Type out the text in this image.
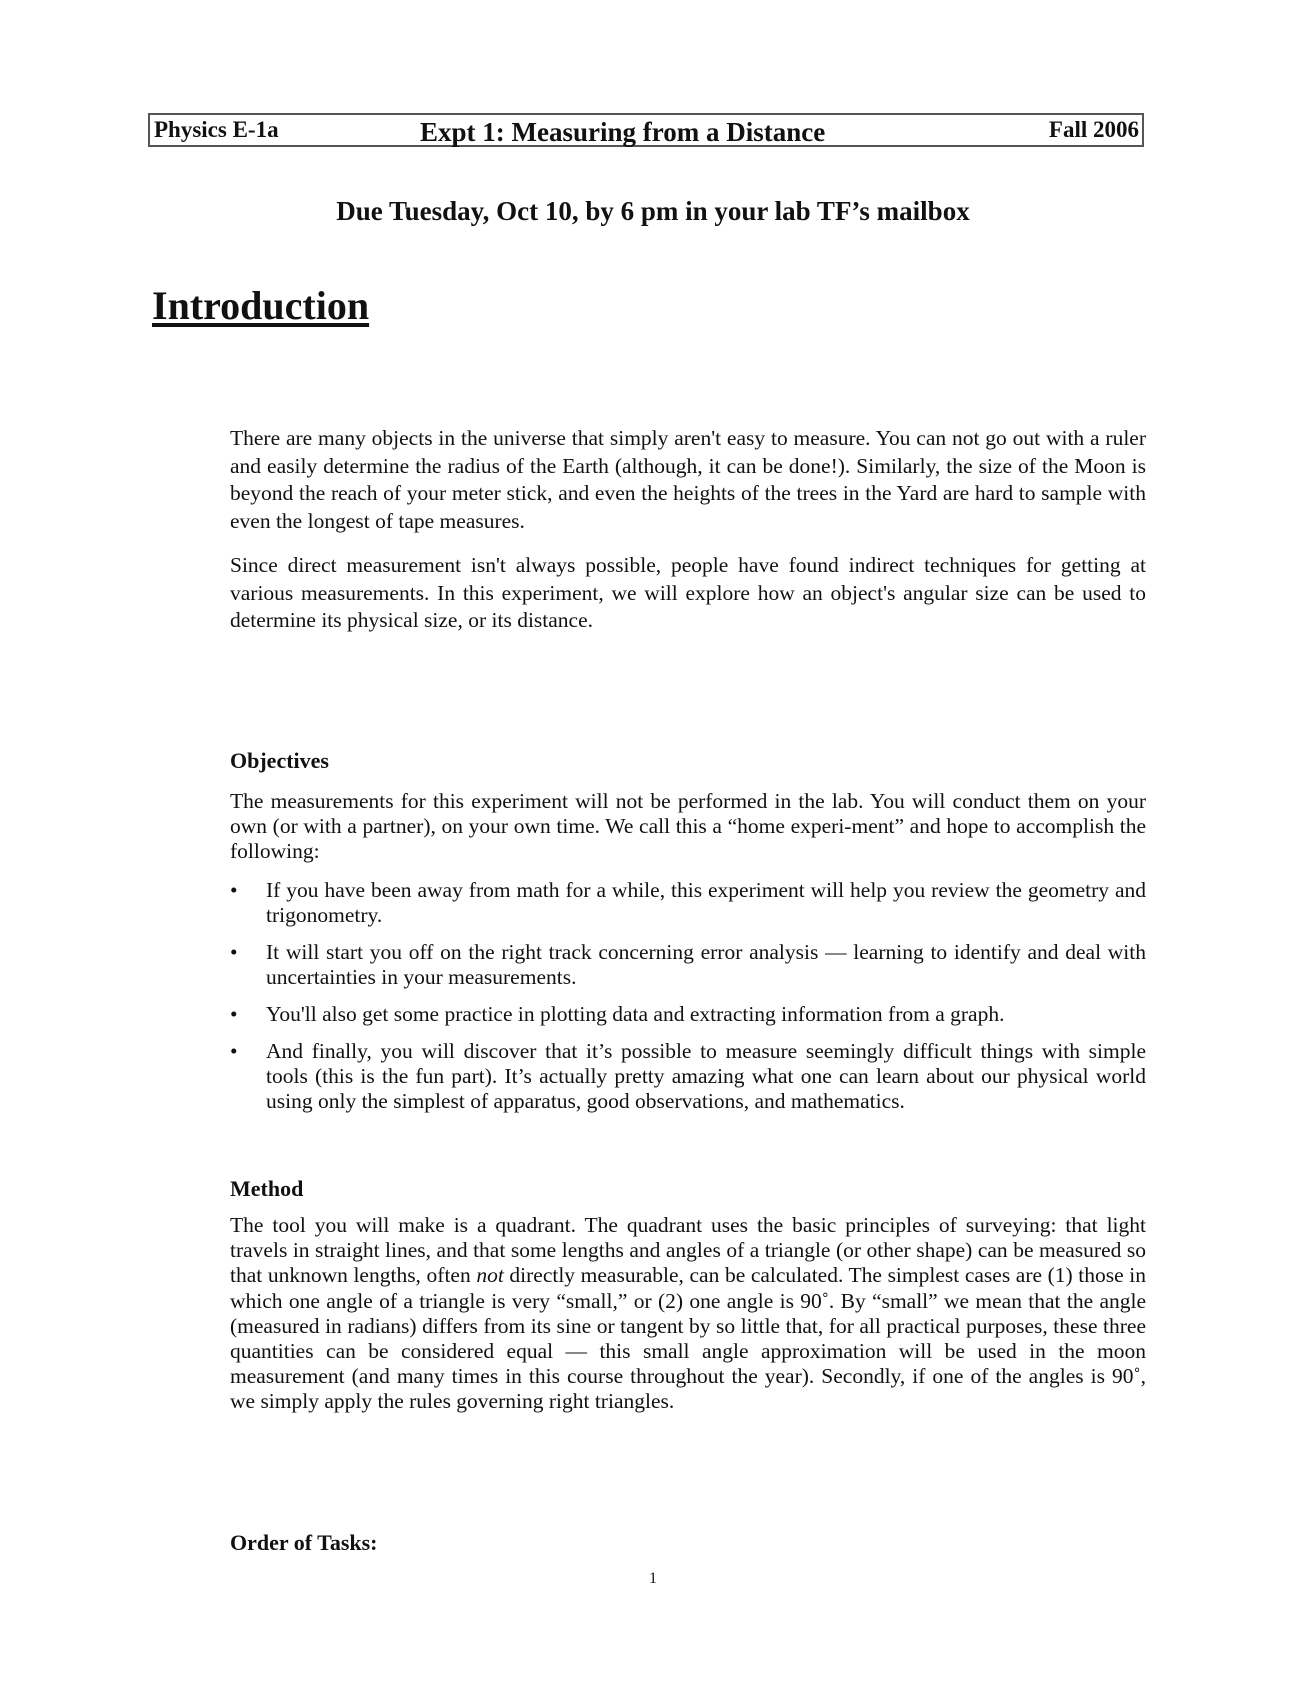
Physics E-1a	Expt 1: Measuring from a Distance	Fall 2006
Due Tuesday, Oct 10, by 6 pm in your lab TF’s mailbox
Introduction

There are many objects in the universe that simply aren't easy to measure. You can not go out with a ruler and easily determine the radius of the Earth (although, it can be done!). Similarly, the size of the Moon is beyond the reach of your meter stick, and even the heights of the trees in the Yard are hard to sample with even the longest of tape measures.

Since direct measurement isn't always possible, people have found indirect techniques for getting at various measurements. In this experiment, we will explore how an object's angular size can be used to determine its physical size, or its distance.

Objectives

The measurements for this experiment will not be performed in the lab. You will conduct them on your own (or with a partner), on your own time. We call this a “home experi-ment” and hope to accomplish the following:

• If you have been away from math for a while, this experiment will help you review the geometry and trigonometry.
• It will start you off on the right track concerning error analysis — learning to identify and deal with uncertainties in your measurements.
• You'll also get some practice in plotting data and extracting information from a graph.
• And finally, you will discover that it’s possible to measure seemingly difficult things with simple tools (this is the fun part). It’s actually pretty amazing what one can learn about our physical world using only the simplest of apparatus, good observations, and mathematics.
Method

The tool you will make is a quadrant. The quadrant uses the basic principles of surveying: that light travels in straight lines, and that some lengths and angles of a triangle (or other shape) can be measured so that unknown lengths, often not directly measurable, can be calculated. The simplest cases are (1) those in which one angle of a triangle is very “small,” or (2) one angle is 90˚. By “small” we mean that the angle (measured in radians) differs from its sine or tangent by so little that, for all practical purposes, these three quantities can be considered equal — this small angle approximation will be used in the moon measurement (and many times in this course throughout the year). Secondly, if one of the angles is 90˚, we simply apply the rules governing right triangles.

Order of Tasks:
1
